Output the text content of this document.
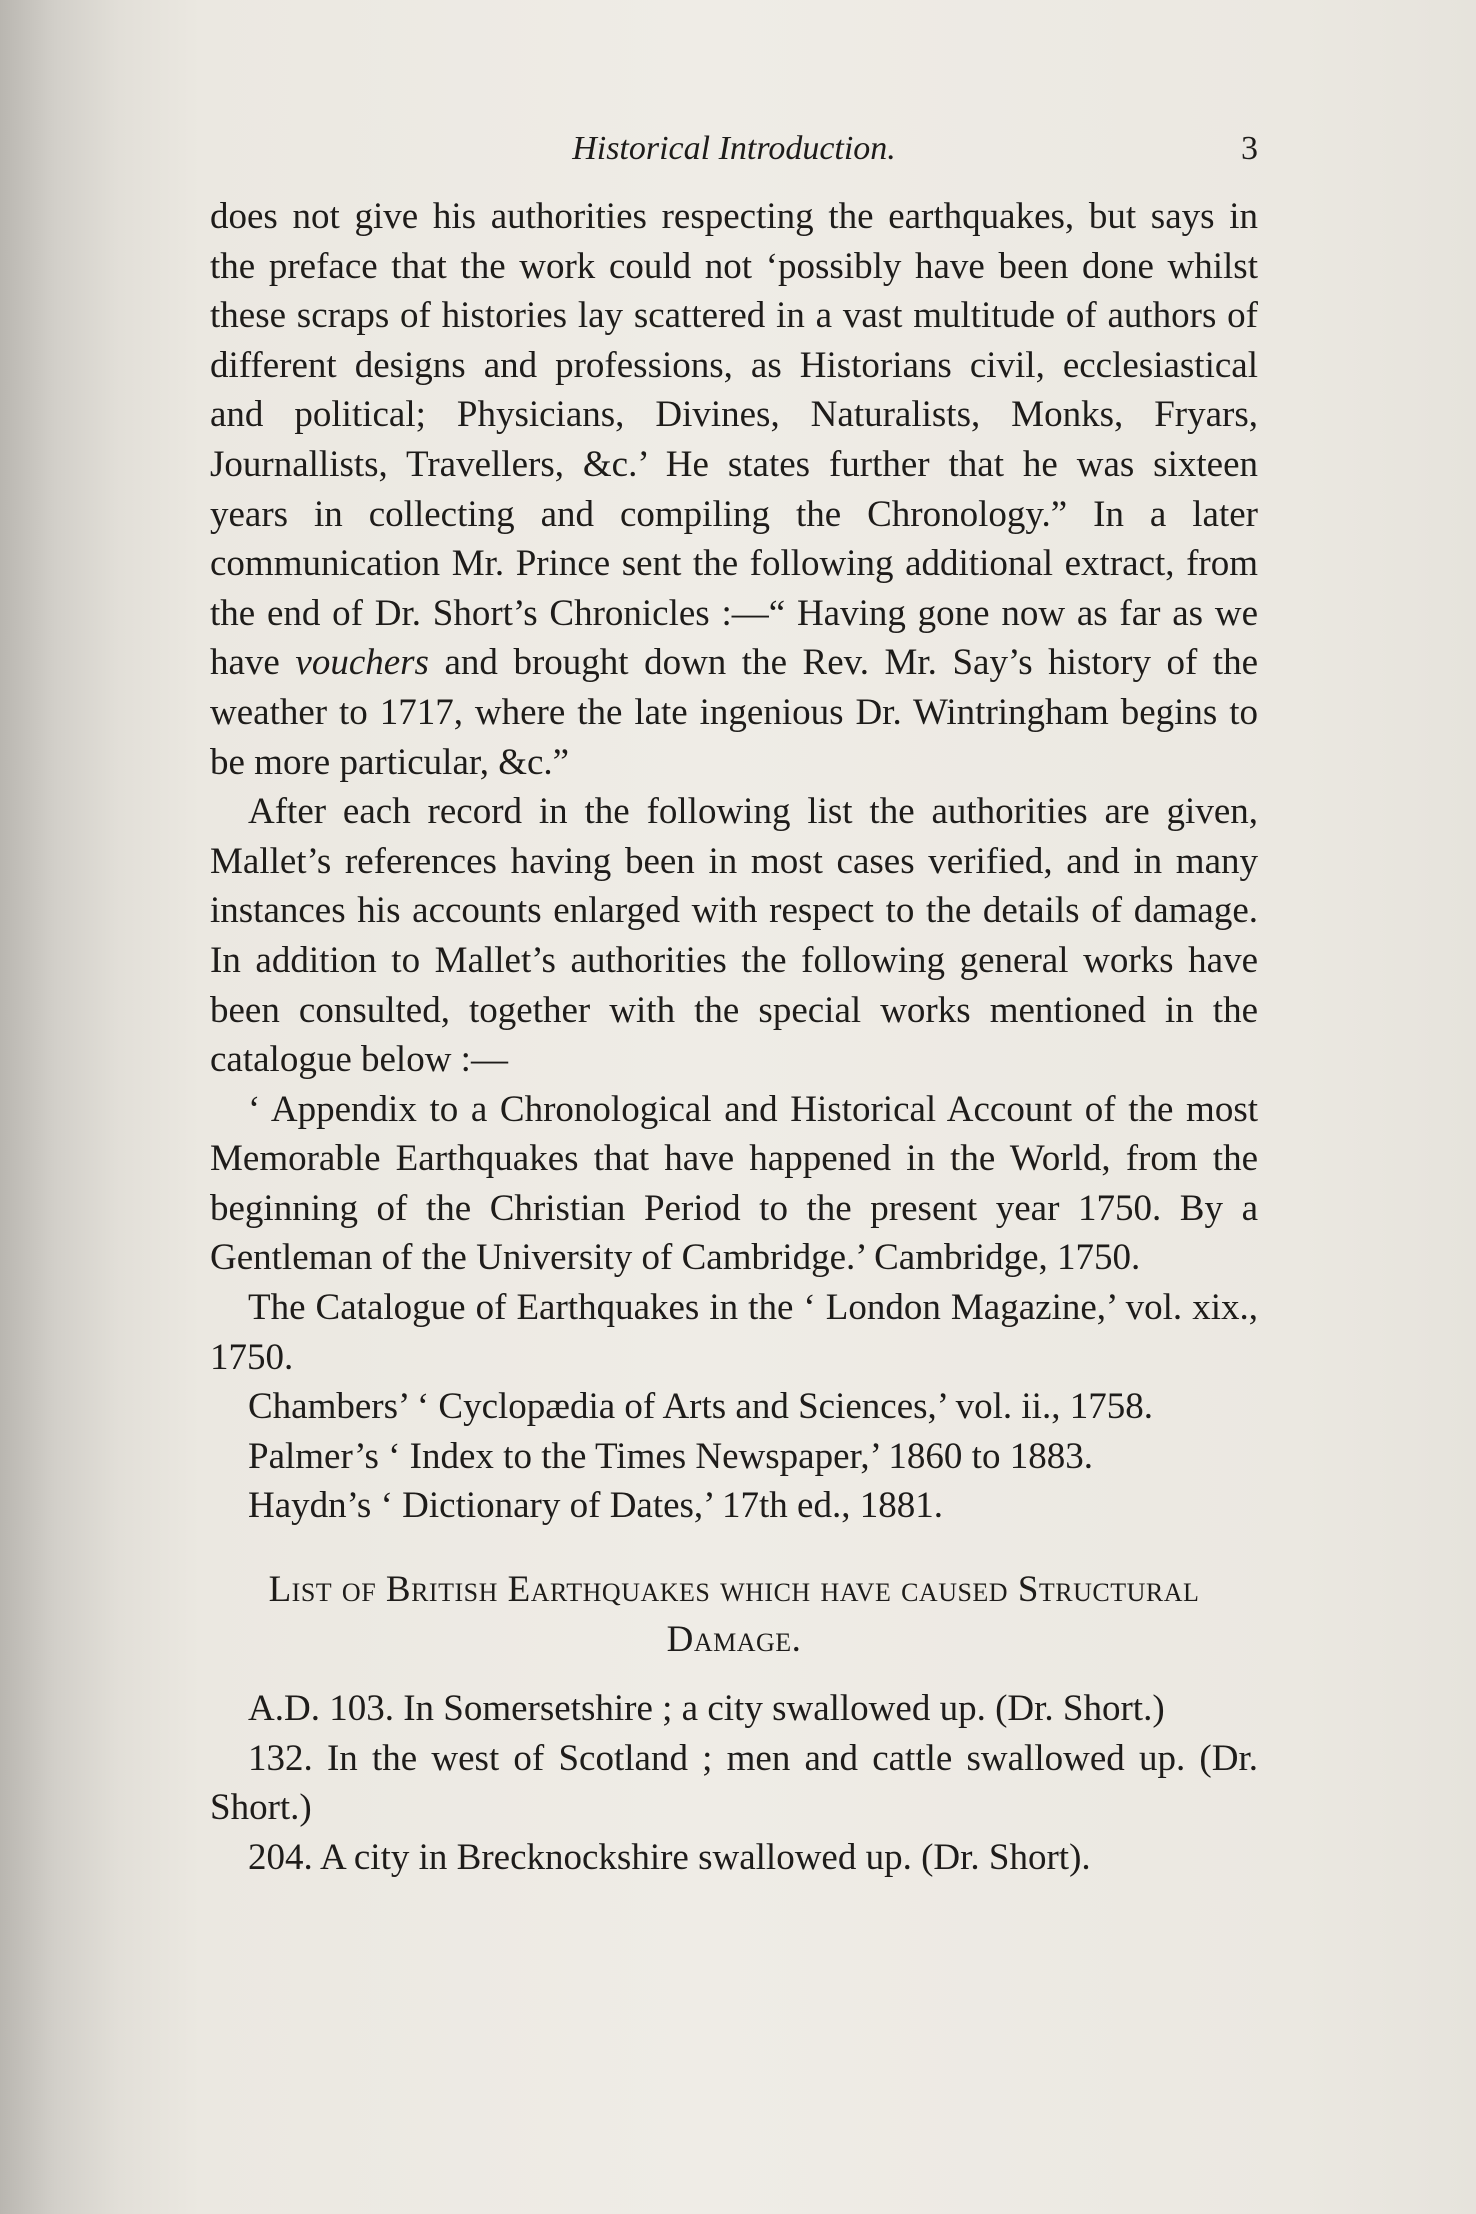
Historical Introduction.	3

does not give his authorities respecting the earthquakes, but says in the preface that the work could not ‘possibly have been done whilst these scraps of histories lay scattered in a vast multitude of authors of different designs and professions, as Historians civil, ecclesiastical and political; Physicians, Divines, Naturalists, Monks, Fryars, Journallists, Travellers, &c.’ He states further that he was sixteen years in collecting and compiling the Chronology.” In a later communication Mr. Prince sent the following additional extract, from the end of Dr. Short’s Chronicles :—“ Having gone now as far as we have vouchers and brought down the Rev. Mr. Say’s history of the weather to 1717, where the late ingenious Dr. Wintringham begins to be more particular, &c.”

After each record in the following list the authorities are given, Mallet’s references having been in most cases verified, and in many instances his accounts enlarged with respect to the details of damage. In addition to Mallet’s authorities the following general works have been consulted, together with the special works mentioned in the catalogue below :—

‘ Appendix to a Chronological and Historical Account of the most Memorable Earthquakes that have happened in the World, from the beginning of the Christian Period to the present year 1750. By a Gentleman of the University of Cambridge.’ Cambridge, 1750.

The Catalogue of Earthquakes in the ‘ London Magazine,’ vol. xix., 1750.

Chambers’ ‘ Cyclopædia of Arts and Sciences,’ vol. ii., 1758.

Palmer’s ‘ Index to the Times Newspaper,’ 1860 to 1883.

Haydn’s ‘ Dictionary of Dates,’ 17th ed., 1881.

List of British Earthquakes which have caused Structural Damage.

A.D. 103. In Somersetshire ; a city swallowed up. (Dr. Short.)

132. In the west of Scotland ; men and cattle swallowed up. (Dr. Short.)

204. A city in Brecknockshire swallowed up. (Dr. Short).
